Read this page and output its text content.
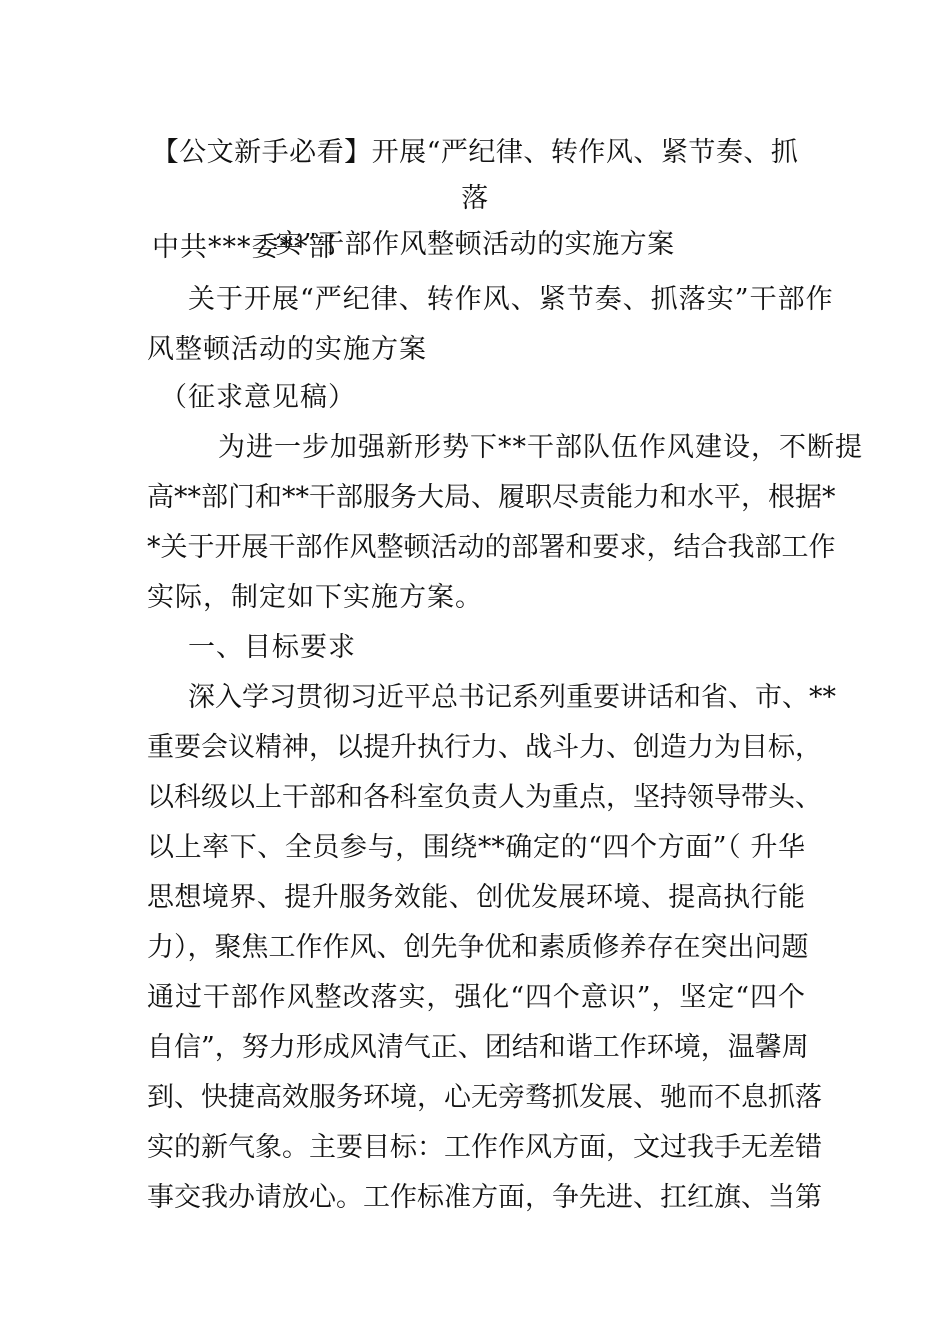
【公文新手必看】开展“严纪律、转作风、紧节奏、抓落
实”干部作风整顿活动的实施方案
中共***委**部
关于开展“严纪律、转作风、紧节奏、抓落实”干部作
风整顿活动的实施方案
（征求意见稿）
为进一步加强新形势下**干部队伍作风建设，不断提
高**部门和**干部服务大局、履职尽责能力和水平，根据*
*关于开展干部作风整顿活动的部署和要求，结合我部工作
实际，制定如下实施方案。
一、目标要求
深入学习贯彻习近平总书记系列重要讲话和省、市、**
重要会议精神，以提升执行力、战斗力、创造力为目标，
以科级以上干部和各科室负责人为重点，坚持领导带头、
以上率下、全员参与，围绕**确定的“四个方面”（ 升华
思想境界、提升服务效能、创优发展环境、提高执行能
力），聚焦工作作风、创先争优和素质修养存在突出问题
通过干部作风整改落实，强化“四个意识”，坚定“四个
自信”，努力形成风清气正、团结和谐工作环境，温馨周
到、快捷高效服务环境，心无旁骛抓发展、驰而不息抓落
实的新气象。主要目标：工作作风方面，文过我手无差错
事交我办请放心。工作标准方面，争先进、扛红旗、当第
